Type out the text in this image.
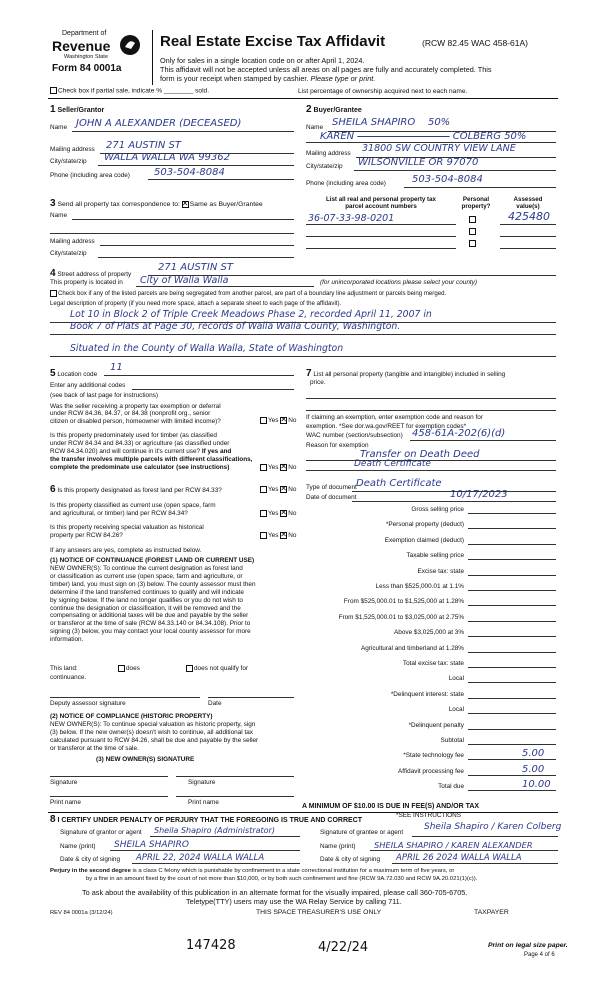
Department of
Revenue
Washington State
Form 84 0001a
Real Estate Excise Tax Affidavit	(RCW 82.45 WAC 458-61A)
Only for sales in a single location code on or after April 1, 2024.
This affidavit will not be accepted unless all areas on all pages are fully and accurately completed. This
form is your receipt when stamped by cashier. Please type or print.
Check box if partial sale, indicate % ________ sold.	List percentage of ownership acquired next to each name.
1 Seller/Grantor
Name JOHN A ALEXANDER (DECEASED)
Mailing address 271 AUSTIN ST
City/state/zip WALLA WALLA WA 99362
Phone (including area code) 503-504-8084
2 Buyer/Grantee
Name SHEILA SHAPIRO 50%
KAREN	COLBERG 50%
Mailing address 31800 SW COUNTRY VIEW LANE
City/state/zip WILSONVILLE OR 97070
Phone (including area code)	503-504-8084
3 Send all property tax correspondence to: ✕ Same as Buyer/Grantee
Name
Mailing address
City/state/zip
List all real and personal property tax
parcel account numbers
Personal
property?
Assessed
value(s)
36-07-33-98-0201	425480
4 Street address of property
271 AUSTIN ST
This property is located in City of Walla Walla	(for unincorporated locations please select your county)
Check box if any of the listed parcels are being segregated from another parcel, are part of a boundary line adjustment or parcels being merged.
Legal description of property (if you need more space, attach a separate sheet to each page of the affidavit).
Lot 10 in Block 2 of Triple Creek Meadows Phase 2, recorded April 11, 2007 in
Book 7 of Plats at Page 30, records of Walla Walla County, Washington.
Situated in the County of Walla Walla, State of Washington
5 Location code
11
Enter any additional codes
(see back of last page for instructions)
Was the seller receiving a property tax exemption or deferral
under RCW 84.36, 84.37, or 84.38 (nonprofit org., senior
citizen or disabled person, homeowner with limited income)?	Yes ✕ No
Is this property predominately used for timber (as classified
under RCW 84.34 and 84.33) or agriculture (as classified under
RCW 84.34.020) and will continue in it's current use? If yes and
the transfer involves multiple parcels with different classifications,
complete the predominate use calculator (see instructions)	Yes ✕ No
6 Is this property designated as forest land per RCW 84.33?	Yes ✕ No
Is this property classified as current use (open space, farm
and agricultural, or timber) land per RCW 84.34?	Yes ✕ No
Is this property receiving special valuation as historical
property per RCW 84.26?	Yes ✕ No
If any answers are yes, complete as instructed below.
(1) NOTICE OF CONTINUANCE (FOREST LAND OR CURRENT USE)
NEW OWNER(S): To continue the current designation as forest land
or classification as current use (open space, farm and agriculture, or
timber) land, you must sign on (3) below. The county assessor must then
determine if the land transferred continues to qualify and will indicate
by signing below. If the land no longer qualifies or you do not wish to
continue the designation or classification, it will be removed and the
compensating or additional taxes will be due and payable by the seller
or transferor at the time of sale (RCW 84.33.140 or 84.34.108). Prior to
signing (3) below, you may contact your local county assessor for more
information.
This land:	does	does not qualify for
continuance.
Deputy assessor signature	Date
(2) NOTICE OF COMPLIANCE (HISTORIC PROPERTY)
NEW OWNER(S): To continue special valuation as historic property, sign
(3) below. If the new owner(s) doesn't wish to continue, all additional tax
calculated pursuant to RCW 84.26, shall be due and payable by the seller
or transferor at the time of sale.
(3) NEW OWNER(S) SIGNATURE
Signature	Signature
Print name	Print name
7 List all personal property (tangible and intangible) included in selling
price.
If claiming an exemption, enter exemption code and reason for
exemption. *See dor.wa.gov/REET for exemption codes*
WAC number (section/subsection) 458-61A-202(6)(d)
Reason for exemption
Transfer on Death Deed
Death Certificate
Type of document Death Certificate
Date of document	10/17/2023
Gross selling price
*Personal property (deduct)
Exemption claimed (deduct)
Taxable selling price
Excise tax: state
Less than $525,000.01 at 1.1%
From $525,000.01 to $1,525,000 at 1.28%
From $1,525,000.01 to $3,025,000 at 2.75%
Above $3,025,000 at 3%
Agricultural and timberland at 1.28%
Total excise tax: state
Local
*Delinquent interest: state
Local
*Delinquent penalty
Subtotal
*State technology fee	5.00
Affidavit processing fee	5.00
Total due	10.00
A MINIMUM OF $10.00 IS DUE IN FEE(S) AND/OR TAX
*SEE INSTRUCTIONS
8 I CERTIFY UNDER PENALTY OF PERJURY THAT THE FOREGOING IS TRUE AND CORRECT
Signature of grantor or agent Sheila Shapiro (Administrator)
Name (print) SHEILA SHAPIRO
Date & city of signing APRIL 22, 2024 WALLA WALLA
Signature of grantee or agent
Sheila Shapiro / Karen Colberg
Name (print) SHEILA SHAPIRO / KAREN ALEXANDER
Date & city of signing APRIL 26 2024 WALLA WALLA
Perjury in the second degree is a class C felony which is punishable by confinement in a state correctional institution for a maximum term of five years, or
by a fine in an amount fixed by the court of not more than $10,000, or by both such confinement and fine (RCW 9A.72.030 and RCW 9A.20.021(1)(c)).
To ask about the availability of this publication in an alternate format for the visually impaired, please call 360-705-6705.
Teletype(TTY) users may use the WA Relay Service by calling 711.
REV 84 0001a (3/12/24)	THIS SPACE TREASURER'S USE ONLY	TAXPAYER
147428	4/22/24	Print on legal size paper.
Page 4 of 6
